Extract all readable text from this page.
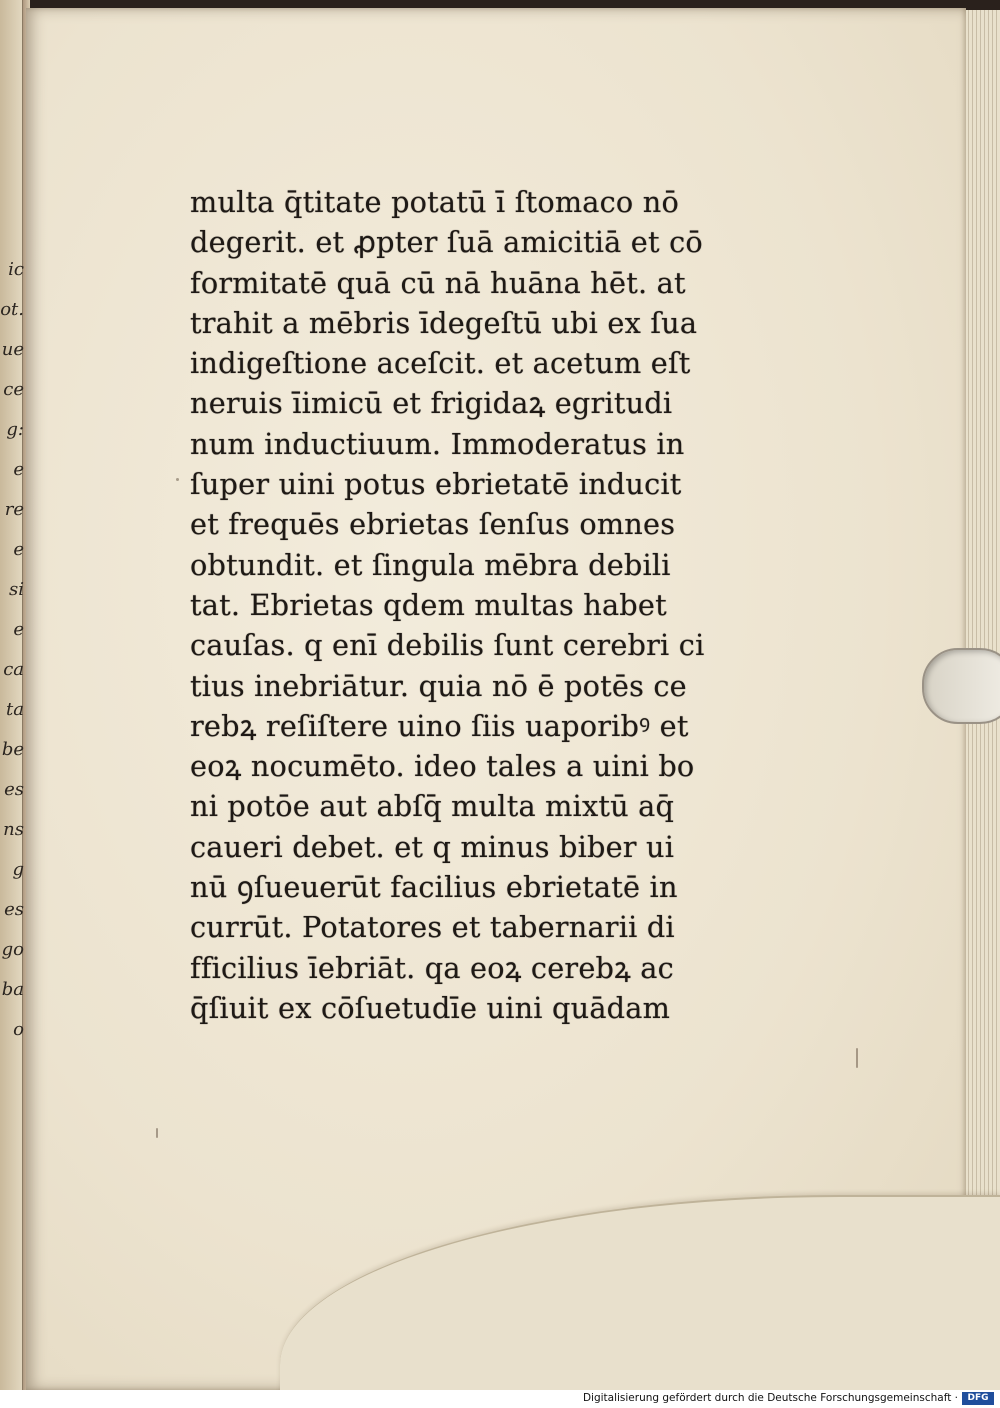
ic
ot.
ue
ce
g:
e
re
e
si
e
ca
ta
be
es
ns
g
es
go
ba
o
multa q̄titate potatū ī ſtomaco nō
degerit. et ꝓpter ſuā amicitiā et cō
formitatē quā cū nā huāna hēt. at
trahit a mēbris īdegeſtū ubi ex ſua
indigeſtione aceſcit. et acetum eſt
neruis īimicū et frigidaꝝ egritudi
num inductiuum. Immoderatus in
ſuper uini potus ebrietatē inducit
et frequēs ebrietas ſenſus omnes
obtundit. et ſingula mēbra debili
tat. Ebrietas qdem multas habet
cauſas. q enī debilis ſunt cerebri ci
tius inebriātur. quia nō ē potēs ce
rebꝝ reſiſtere uino ſiis uaporibꝰ et
eoꝝ nocumēto. ideo tales a uini bo
ni potōe aut abſq̄ multa mixtū aq̄
caueri debet. et q minus biber ui
nū ꝯſueuerūt facilius ebrietatē in
currūt. Potatores et tabernarii di
fficilius īebriāt. qa eoꝝ cerebꝝ ac
q̄ſiuit ex cōſuetudīe uini quādam
Digitalisierung gefördert durch die Deutsche Forschungsgemeinschaft ·	DFG
